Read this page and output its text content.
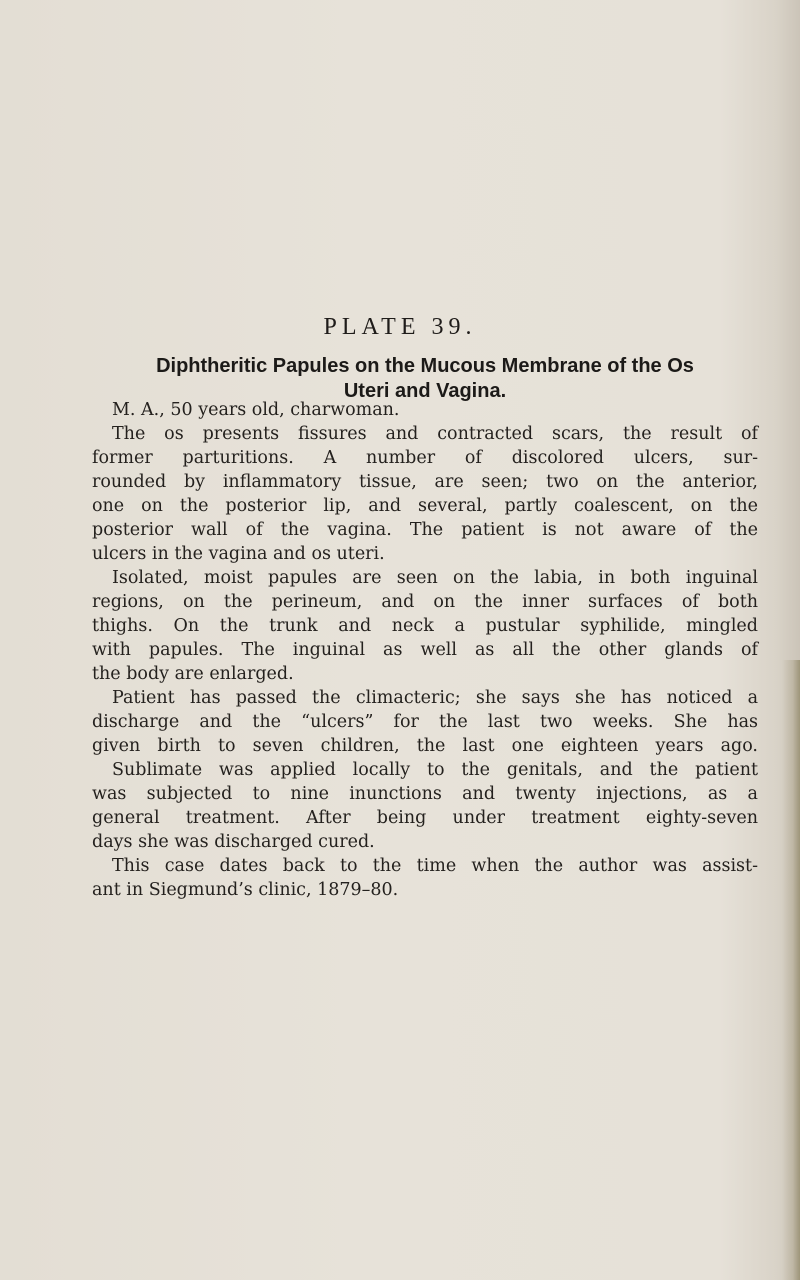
PLATE 39.
Diphtheritic Papules on the Mucous Membrane of the Os
Uteri and Vagina.
M. A., 50 years old, charwoman.
The os presents fissures and contracted scars, the result of
former parturitions. A number of discolored ulcers, sur-
rounded by inflammatory tissue, are seen; two on the anterior,
one on the posterior lip, and several, partly coalescent, on the
posterior wall of the vagina. The patient is not aware of the
ulcers in the vagina and os uteri.
Isolated, moist papules are seen on the labia, in both inguinal
regions, on the perineum, and on the inner surfaces of both
thighs. On the trunk and neck a pustular syphilide, mingled
with papules. The inguinal as well as all the other glands of
the body are enlarged.
Patient has passed the climacteric; she says she has noticed a
discharge and the “ulcers” for the last two weeks. She has
given birth to seven children, the last one eighteen years ago.
Sublimate was applied locally to the genitals, and the patient
was subjected to nine inunctions and twenty injections, as a
general treatment. After being under treatment eighty-seven
days she was discharged cured.
This case dates back to the time when the author was assist-
ant in Siegmund’s clinic, 1879–80.
